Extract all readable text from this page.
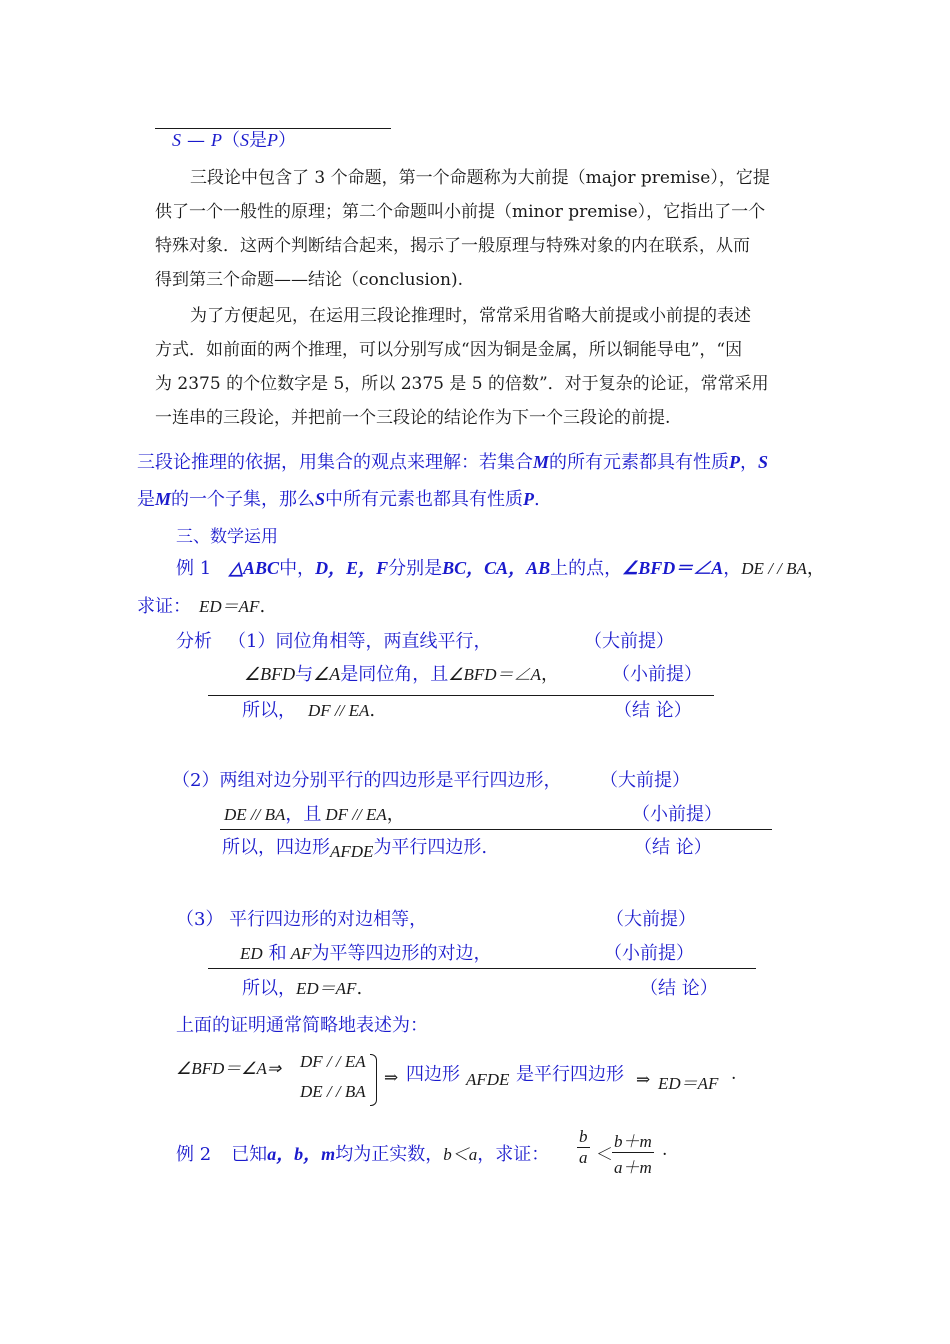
S — P（S是P）
三段论中包含了 3 个命题，第一个命题称为大前提（major premise），它提
供了一个一般性的原理；第二个命题叫小前提（minor premise），它指出了一个
特殊对象．这两个判断结合起来，揭示了一般原理与特殊对象的内在联系，从而
得到第三个命题——结论（conclusion).
为了方便起见，在运用三段论推理时，常常采用省略大前提或小前提的表述
方式．如前面的两个推理，可以分别写成“因为铜是金属，所以铜能导电”，“因
为 2375 的个位数字是 5，所以 2375 是 5 的倍数”．对于复杂的论证，常常采用
一连串的三段论，并把前一个三段论的结论作为下一个三段论的前提.
三段论推理的依据，用集合的观点来理解：若集合M的所有元素都具有性质P，S
是M的一个子集，那么S中所有元素也都具有性质P.
三、数学运用
例 1 △ABC中，D，E，F分别是BC，CA，AB上的点，∠BFD＝∠A，DE / / BA，
求证： ED＝AF.
分析 （1）同位角相等，两直线平行，	（大前提）
∠BFD与∠A是同位角，且∠BFD＝∠A，	（小前提）
所以， DF // EA.	（结 论）
（2）两组对边分别平行的四边形是平行四边形， （大前提）
DE // BA，且 DF // EA，	（小前提）
所以，四边形AFDE为平行四边形.	（结 论）
（3） 平行四边形的对边相等，	（大前提）
ED 和 AF为平等四边形的对边，	（小前提）
所以，ED＝AF.	（结 论）
上面的证明通常简略地表述为：
∠BFD＝∠A⇒ DF / / EA
DE / / BA
⇒ 四边形 AFDE 是平行四边形 ⇒ ED＝AF .
例 2 已知a，b，m均为正实数，b＜a，求证： $\frac{b}{a} < \frac{b+m}{a+m}$ .
